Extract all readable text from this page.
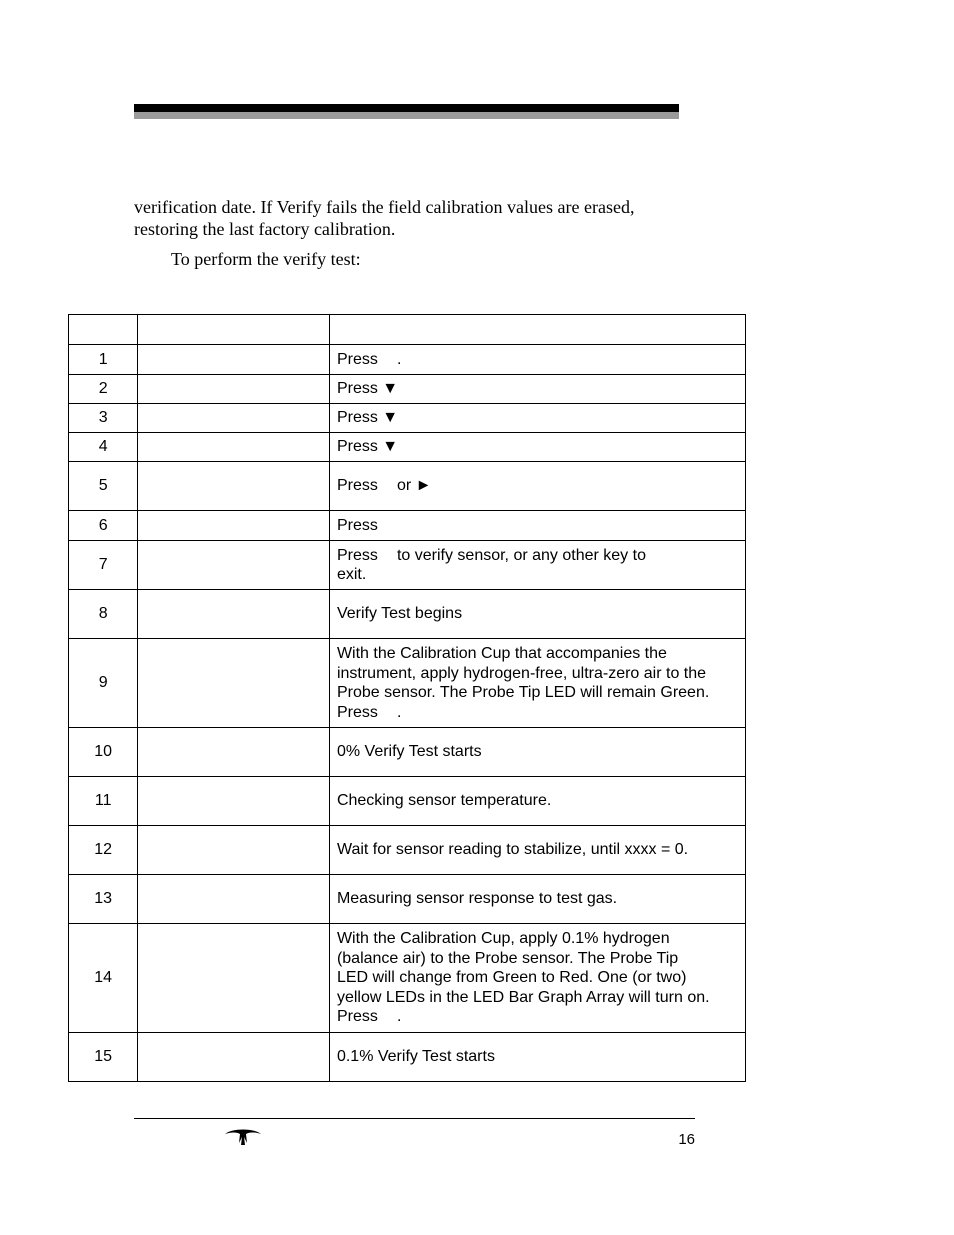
verification date. If Verify fails the field calibration values are erased,

restoring the last factory calibration.

To perform the verify test:

1		Press .
2		Press ▼
3		Press ▼
4		Press ▼
5		Press or ►
6		Press
7		Press to verify sensor, or any other key to
exit.

8		Verify Test begins
9		With the Calibration Cup that accompanies the
instrument, apply hydrogen-free, ultra-zero air to the
Probe sensor. The Probe Tip LED will remain Green.
Press .

10		0% Verify Test starts
11		Checking sensor temperature.
12		Wait for sensor reading to stabilize, until xxxx = 0.
13		Measuring sensor response to test gas.
14		With the Calibration Cup, apply 0.1% hydrogen
(balance air) to the Probe sensor. The Probe Tip
LED will change from Green to Red. One (or two)
yellow LEDs in the LED Bar Graph Array will turn on.
Press .

15		0.1% Verify Test starts
16
